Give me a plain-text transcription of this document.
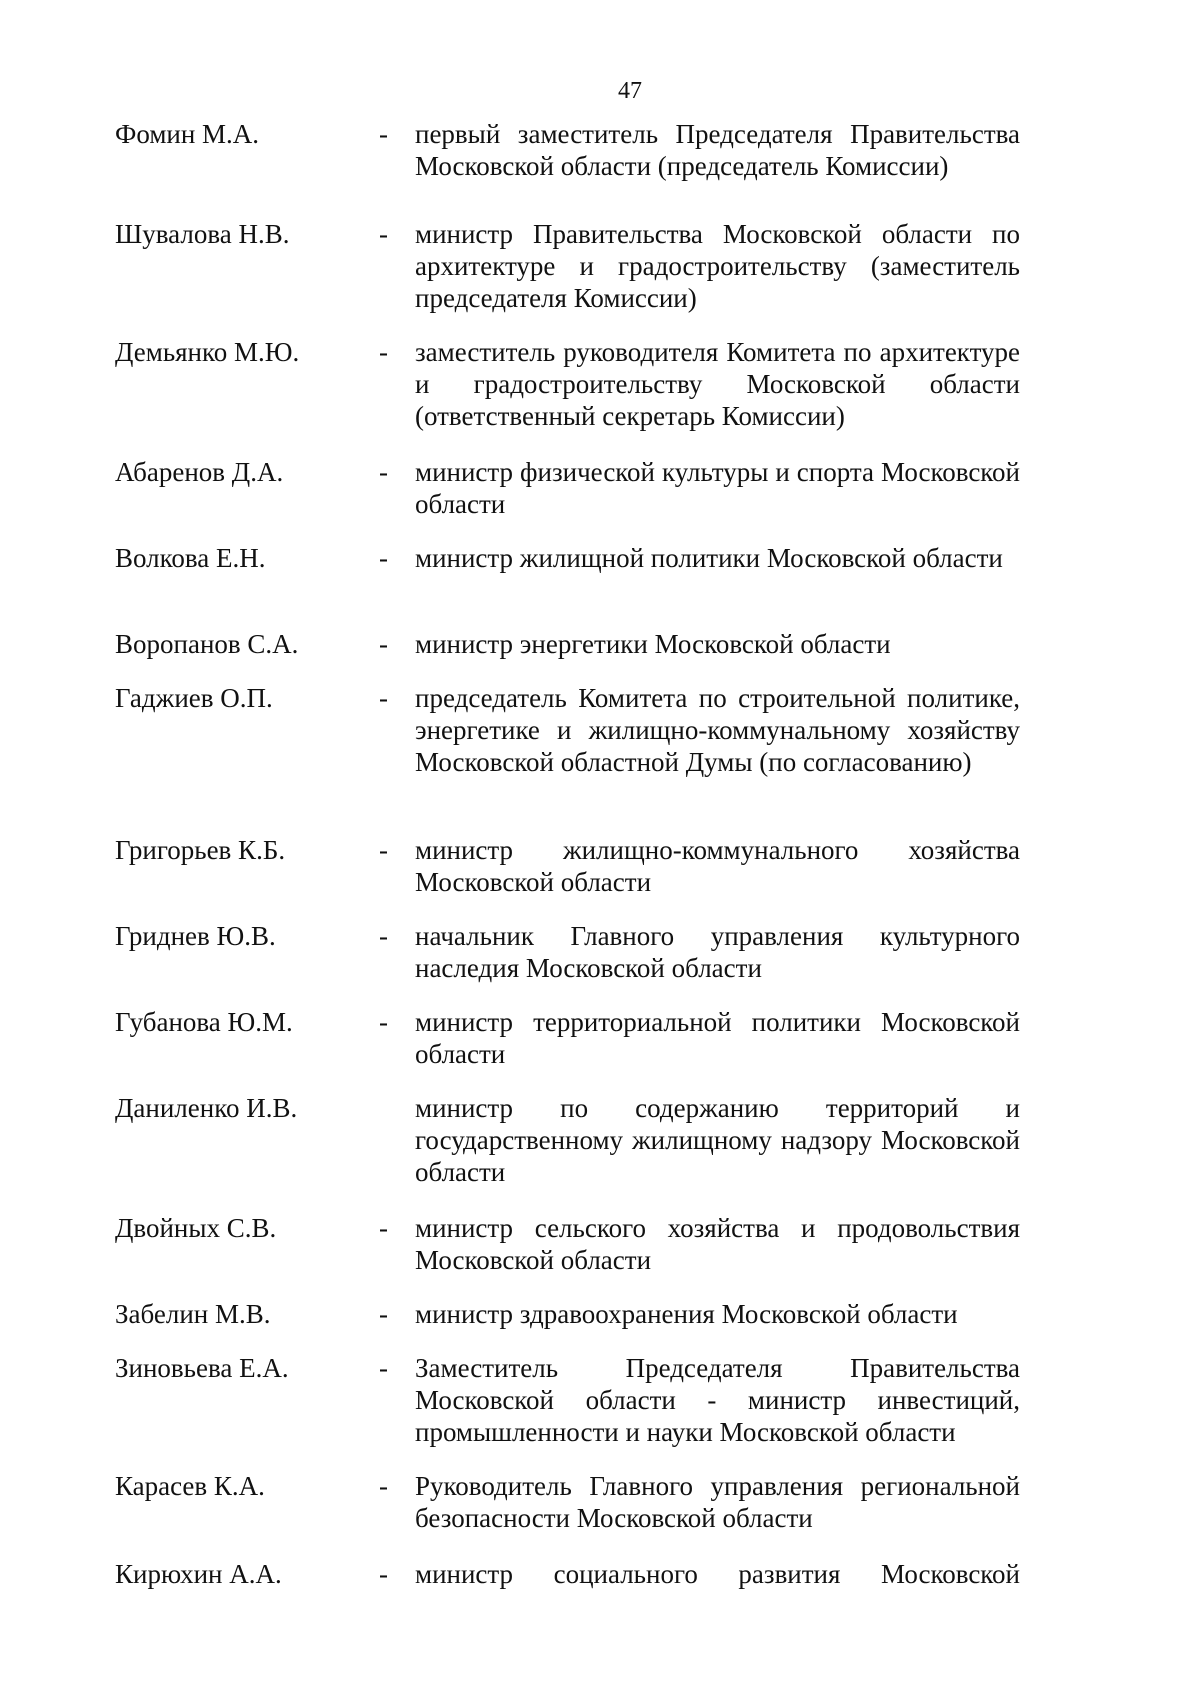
47
Фомин М.А.	- первый заместитель Председателя Правительства Московской области (председатель Комиссии)
Шувалова Н.В.	- министр Правительства Московской области по архитектуре и градостроительству (заместитель председателя Комиссии)
Демьянко М.Ю.	- заместитель руководителя Комитета по архитектуре и градостроительству Московской области (ответственный секретарь Комиссии)
Абаренов Д.А.	- министр физической культуры и спорта Московской области
Волкова Е.Н.	- министр жилищной политики Московской области
Воропанов С.А.	- министр энергетики Московской области
Гаджиев О.П.	- председатель Комитета по строительной политике, энергетике и жилищно-коммунальному хозяйству Московской областной Думы (по согласованию)
Григорьев К.Б.	- министр жилищно-коммунального хозяйства Московской области
Гриднев Ю.В.	- начальник Главного управления культурного наследия Московской области
Губанова Ю.М.	- министр территориальной политики Московской области
Даниленко И.В.	министр по содержанию территорий и государственному жилищному надзору Московской области
Двойных С.В.	- министр сельского хозяйства и продовольствия Московской области
Забелин М.В.	- министр здравоохранения Московской области
Зиновьева Е.А.	- Заместитель Председателя Правительства Московской области - министр инвестиций, промышленности и науки Московской области
Карасев К.А.	- Руководитель Главного управления региональной безопасности Московской области
Кирюхин А.А.	- министр социального развития Московской
